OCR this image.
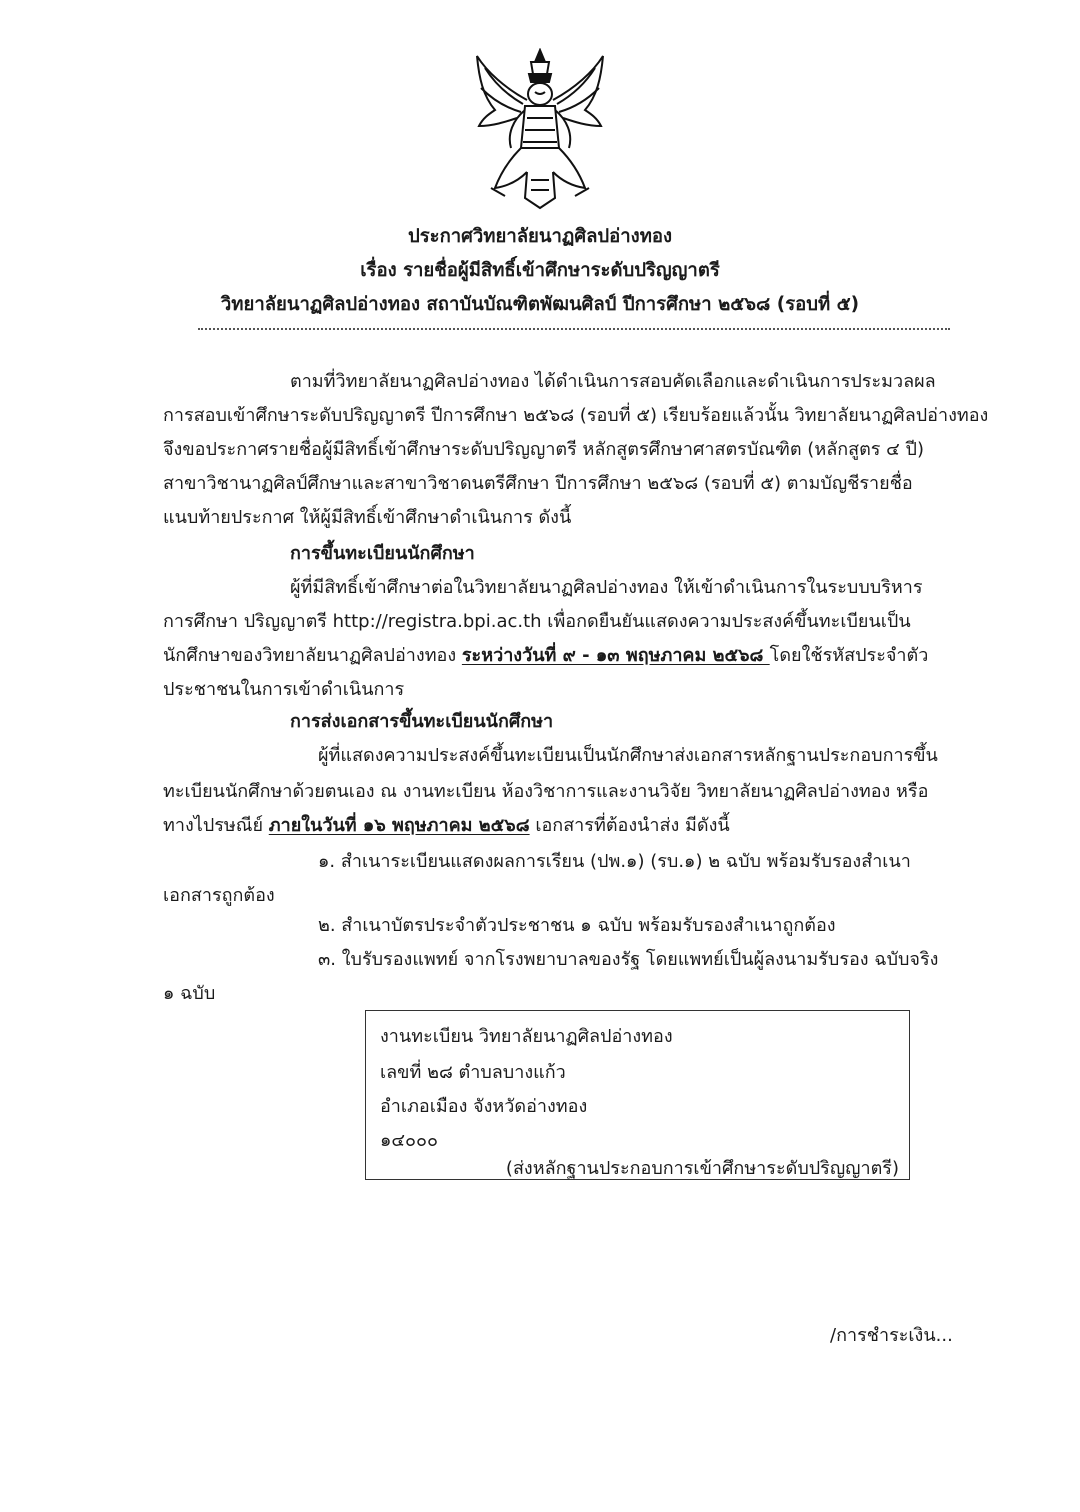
ประกาศวิทยาลัยนาฏศิลปอ่างทอง
เรื่อง รายชื่อผู้มีสิทธิ์เข้าศึกษาระดับปริญญาตรี
วิทยาลัยนาฏศิลปอ่างทอง สถาบันบัณฑิตพัฒนศิลป์ ปีการศึกษา ๒๕๖๘ (รอบที่ ๕)
ตามที่วิทยาลัยนาฏศิลปอ่างทอง ได้ดำเนินการสอบคัดเลือกและดำเนินการประมวลผล
การสอบเข้าศึกษาระดับปริญญาตรี ปีการศึกษา ๒๕๖๘ (รอบที่ ๕) เรียบร้อยแล้วนั้น วิทยาลัยนาฏศิลปอ่างทอง
จึงขอประกาศรายชื่อผู้มีสิทธิ์เข้าศึกษาระดับปริญญาตรี หลักสูตรศึกษาศาสตรบัณฑิต (หลักสูตร ๔ ปี)
สาขาวิชานาฏศิลป์ศึกษาและสาขาวิชาดนตรีศึกษา ปีการศึกษา ๒๕๖๘ (รอบที่ ๕) ตามบัญชีรายชื่อ
แนบท้ายประกาศ ให้ผู้มีสิทธิ์เข้าศึกษาดำเนินการ ดังนี้
การขึ้นทะเบียนนักศึกษา
ผู้ที่มีสิทธิ์เข้าศึกษาต่อในวิทยาลัยนาฏศิลปอ่างทอง ให้เข้าดำเนินการในระบบบริหาร
การศึกษา ปริญญาตรี http://registra.bpi.ac.th เพื่อกดยืนยันแสดงความประสงค์ขึ้นทะเบียนเป็น
นักศึกษาของวิทยาลัยนาฏศิลปอ่างทอง ระหว่างวันที่ ๙ - ๑๓ พฤษภาคม ๒๕๖๘ โดยใช้รหัสประจำตัว
ประชาชนในการเข้าดำเนินการ
การส่งเอกสารขึ้นทะเบียนนักศึกษา
ผู้ที่แสดงความประสงค์ขึ้นทะเบียนเป็นนักศึกษาส่งเอกสารหลักฐานประกอบการขึ้น
ทะเบียนนักศึกษาด้วยตนเอง ณ งานทะเบียน ห้องวิชาการและงานวิจัย วิทยาลัยนาฏศิลปอ่างทอง หรือ
ทางไปรษณีย์ ภายในวันที่ ๑๖ พฤษภาคม ๒๕๖๘ เอกสารที่ต้องนำส่ง มีดังนี้
๑. สำเนาระเบียนแสดงผลการเรียน (ปพ.๑) (รบ.๑) ๒ ฉบับ พร้อมรับรองสำเนา
เอกสารถูกต้อง
๒. สำเนาบัตรประจำตัวประชาชน ๑ ฉบับ พร้อมรับรองสำเนาถูกต้อง
๓. ใบรับรองแพทย์ จากโรงพยาบาลของรัฐ โดยแพทย์เป็นผู้ลงนามรับรอง ฉบับจริง
๑ ฉบับ
งานทะเบียน วิทยาลัยนาฏศิลปอ่างทอง
เลขที่ ๒๘ ตำบลบางแก้ว
อำเภอเมือง จังหวัดอ่างทอง
๑๔๐๐๐
(ส่งหลักฐานประกอบการเข้าศึกษาระดับปริญญาตรี)
/การชำระเงิน...
